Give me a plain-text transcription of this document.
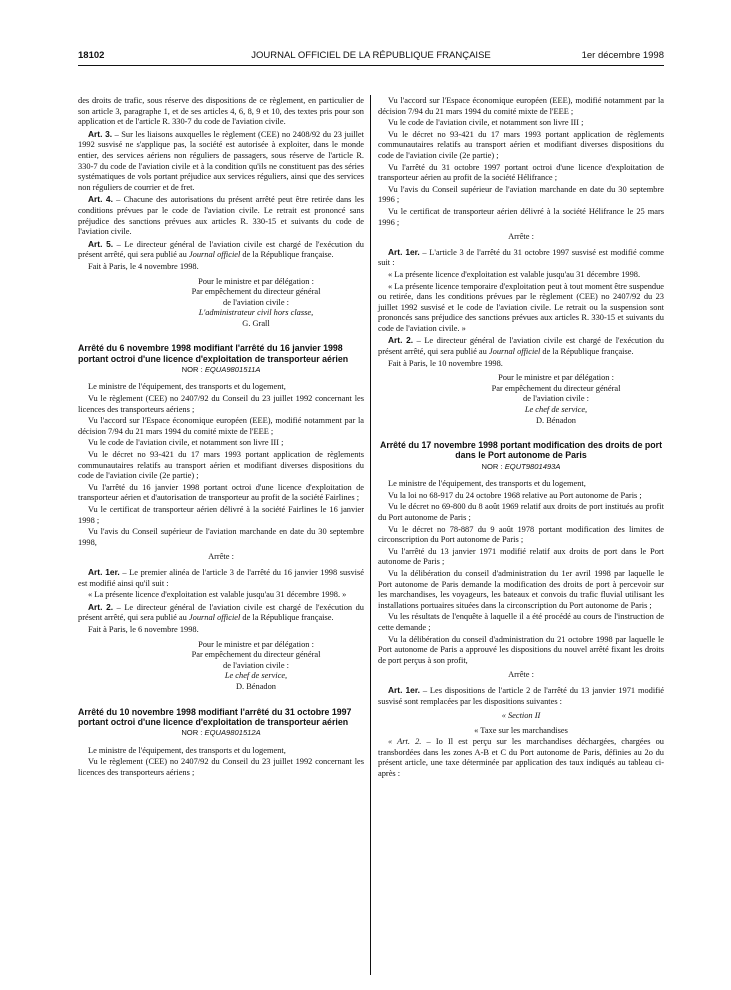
18102	JOURNAL OFFICIEL DE LA RÉPUBLIQUE FRANÇAISE	1er décembre 1998

des droits de trafic, sous réserve des dispositions de ce règlement, en particulier de son article 3, paragraphe 1, et de ses articles 4, 6, 8, 9 et 10, des textes pris pour son application et de l'article R. 330-7 du code de l'aviation civile.

Art. 3. – Sur les liaisons auxquelles le règlement (CEE) no 2408/92 du 23 juillet 1992 susvisé ne s'applique pas, la société est autorisée à exploiter, dans le monde entier, des services aériens non réguliers de passagers, sous réserve de l'article R. 330-7 du code de l'aviation civile et à la condition qu'ils ne constituent pas des séries systématiques de vols portant préjudice aux services réguliers, ainsi que des services non réguliers de courrier et de fret.

Art. 4. – Chacune des autorisations du présent arrêté peut être retirée dans les conditions prévues par le code de l'aviation civile. Le retrait est prononcé sans préjudice des sanctions prévues aux articles R. 330-15 et suivants du code de l'aviation civile.

Art. 5. – Le directeur général de l'aviation civile est chargé de l'exécution du présent arrêté, qui sera publié au Journal officiel de la République française.

Fait à Paris, le 4 novembre 1998.

Pour le ministre et par délégation :
Par empêchement du directeur général
de l'aviation civile :
L'administrateur civil hors classe,
G. Grall
Arrêté du 6 novembre 1998 modifiant l'arrêté du 16 janvier 1998 portant octroi d'une licence d'exploitation de transporteur aérien
NOR : EQUA9801511A

Le ministre de l'équipement, des transports et du logement,

Vu le règlement (CEE) no 2407/92 du Conseil du 23 juillet 1992 concernant les licences des transporteurs aériens ;

Vu l'accord sur l'Espace économique européen (EEE), modifié notamment par la décision 7/94 du 21 mars 1994 du comité mixte de l'EEE ;

Vu le code de l'aviation civile, et notamment son livre III ;

Vu le décret no 93-421 du 17 mars 1993 portant application de règlements communautaires relatifs au transport aérien et modifiant diverses dispositions du code de l'aviation civile (2e partie) ;

Vu l'arrêté du 16 janvier 1998 portant octroi d'une licence d'exploitation de transporteur aérien et d'autorisation de transporteur au profit de la société Fairlines ;

Vu le certificat de transporteur aérien délivré à la société Fairlines le 16 janvier 1998 ;

Vu l'avis du Conseil supérieur de l'aviation marchande en date du 30 septembre 1998,

Arrête :

Art. 1er. – Le premier alinéa de l'article 3 de l'arrêté du 16 janvier 1998 susvisé est modifié ainsi qu'il suit :

« La présente licence d'exploitation est valable jusqu'au 31 décembre 1998. »

Art. 2. – Le directeur général de l'aviation civile est chargé de l'exécution du présent arrêté, qui sera publié au Journal officiel de la République française.

Fait à Paris, le 6 novembre 1998.

Pour le ministre et par délégation :
Par empêchement du directeur général
de l'aviation civile :
Le chef de service,
D. Bénadon
Arrêté du 10 novembre 1998 modifiant l'arrêté du 31 octobre 1997 portant octroi d'une licence d'exploitation de transporteur aérien
NOR : EQUA9801512A

Le ministre de l'équipement, des transports et du logement,

Vu le règlement (CEE) no 2407/92 du Conseil du 23 juillet 1992 concernant les licences des transporteurs aériens ;

Vu l'accord sur l'Espace économique européen (EEE), modifié notamment par la décision 7/94 du 21 mars 1994 du comité mixte de l'EEE ;

Vu le code de l'aviation civile, et notamment son livre III ;

Vu le décret no 93-421 du 17 mars 1993 portant application de règlements communautaires relatifs au transport aérien et modifiant diverses dispositions du code de l'aviation civile (2e partie) ;

Vu l'arrêté du 31 octobre 1997 portant octroi d'une licence d'exploitation de transporteur aérien au profit de la société Hélifrance ;

Vu l'avis du Conseil supérieur de l'aviation marchande en date du 30 septembre 1996 ;

Vu le certificat de transporteur aérien délivré à la société Hélifrance le 25 mars 1996 ;

Arrête :

Art. 1er. – L'article 3 de l'arrêté du 31 octobre 1997 susvisé est modifié comme suit :

« La présente licence d'exploitation est valable jusqu'au 31 décembre 1998.

« La présente licence temporaire d'exploitation peut à tout moment être suspendue ou retirée, dans les conditions prévues par le règlement (CEE) no 2407/92 du 23 juillet 1992 susvisé et le code de l'aviation civile. Le retrait ou la suspension sont prononcés sans préjudice des sanctions prévues aux articles R. 330-15 et suivants du code de l'aviation civile. »

Art. 2. – Le directeur général de l'aviation civile est chargé de l'exécution du présent arrêté, qui sera publié au Journal officiel de la République française.

Fait à Paris, le 10 novembre 1998.

Pour le ministre et par délégation :
Par empêchement du directeur général
de l'aviation civile :
Le chef de service,
D. Bénadon
Arrêté du 17 novembre 1998 portant modification des droits de port dans le Port autonome de Paris
NOR : EQUT9801493A

Le ministre de l'équipement, des transports et du logement,

Vu la loi no 68-917 du 24 octobre 1968 relative au Port autonome de Paris ;

Vu le décret no 69-800 du 8 août 1969 relatif aux droits de port institués au profit du Port autonome de Paris ;

Vu le décret no 78-887 du 9 août 1978 portant modification des limites de circonscription du Port autonome de Paris ;

Vu l'arrêté du 13 janvier 1971 modifié relatif aux droits de port dans le Port autonome de Paris ;

Vu la délibération du conseil d'administration du 1er avril 1998 par laquelle le Port autonome de Paris demande la modification des droits de port à percevoir sur les marchandises, les voyageurs, les bateaux et convois du trafic fluvial utilisant les installations portuaires situées dans la circonscription du Port autonome de Paris ;

Vu les résultats de l'enquête à laquelle il a été procédé au cours de l'instruction de cette demande ;

Vu la délibération du conseil d'administration du 21 octobre 1998 par laquelle le Port autonome de Paris a approuvé les dispositions du nouvel arrêté fixant les droits de port perçus à son profit,

Arrête :

Art. 1er. – Les dispositions de l'article 2 de l'arrêté du 13 janvier 1971 modifié susvisé sont remplacées par les dispositions suivantes :

« Section II

« Taxe sur les marchandises

« Art. 2. – Io Il est perçu sur les marchandises déchargées, chargées ou transbordées dans les zones A-B et C du Port autonome de Paris, définies au 2o du présent article, une taxe déterminée par application des taux indiqués au tableau ci-après :
